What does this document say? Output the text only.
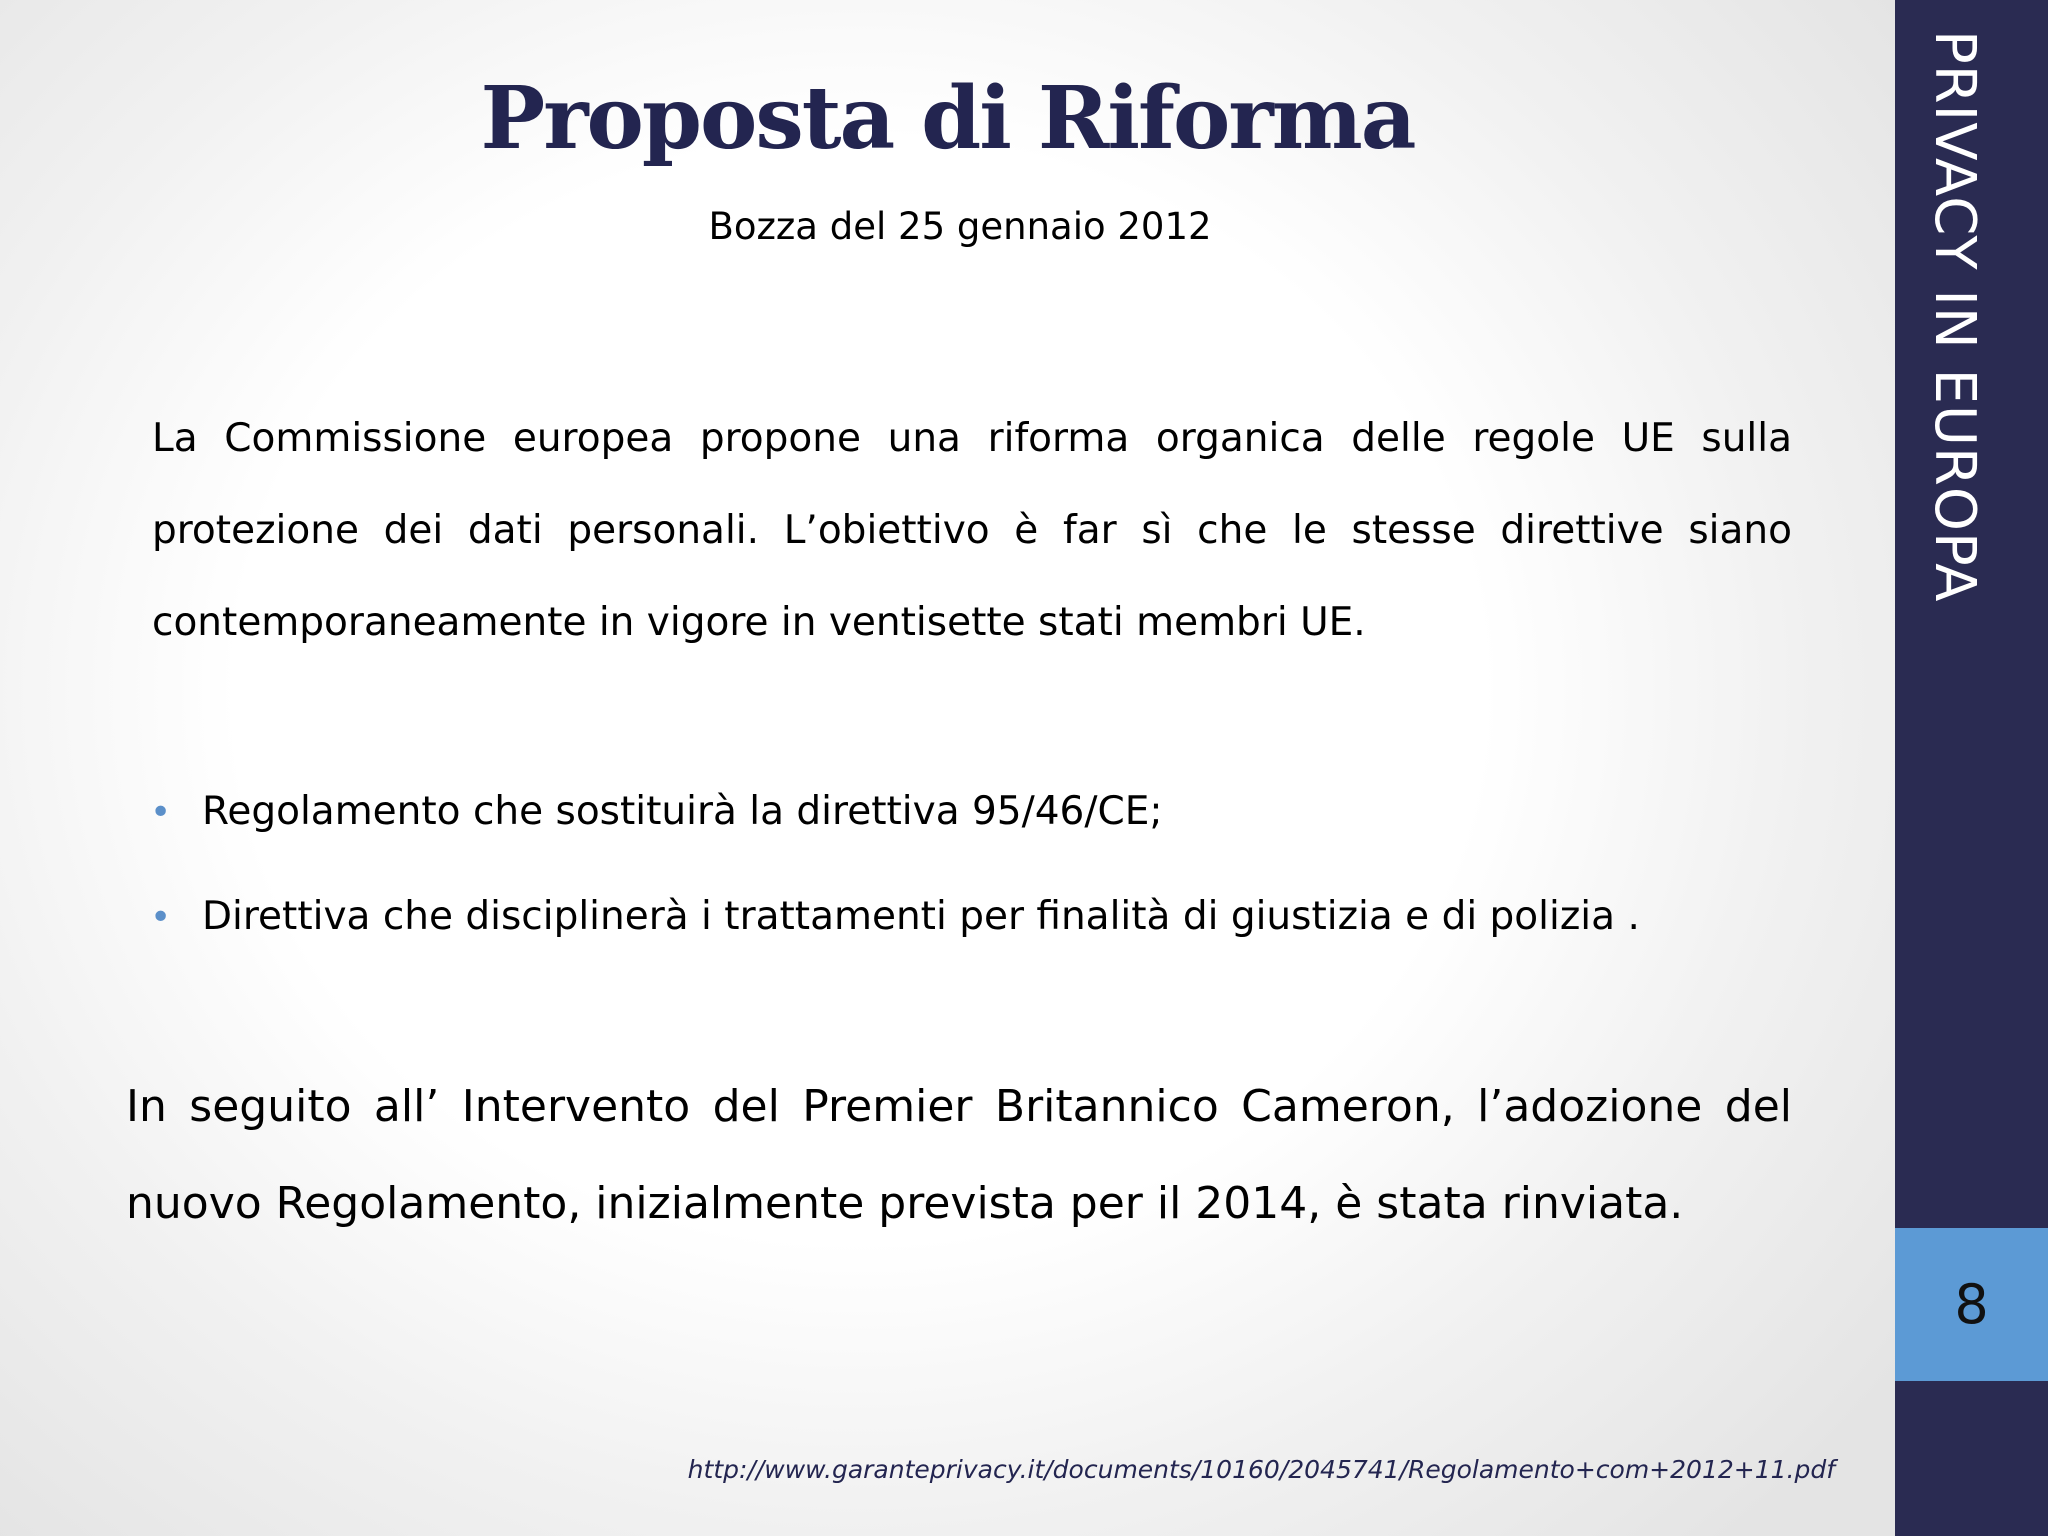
Proposta di Riforma
Bozza del 25 gennaio 2012

La Commissione europea propone una riforma organica delle regole UE sulla protezione dei dati personali. L’obiettivo è far sì che le stesse direttive siano contemporaneamente in vigore in ventisette stati membri UE.

• Regolamento che sostituirà la direttiva 95/46/CE;
• Direttiva che disciplinerà i trattamenti per finalità di giustizia e di polizia .

In seguito all’ Intervento del Premier Britannico Cameron, l’adozione del nuovo Regolamento, inizialmente prevista per il 2014, è stata rinviata.

http://www.garanteprivacy.it/documents/10160/2045741/Regolamento+com+2012+11.pdf
PRIVACY IN EUROPA
8
